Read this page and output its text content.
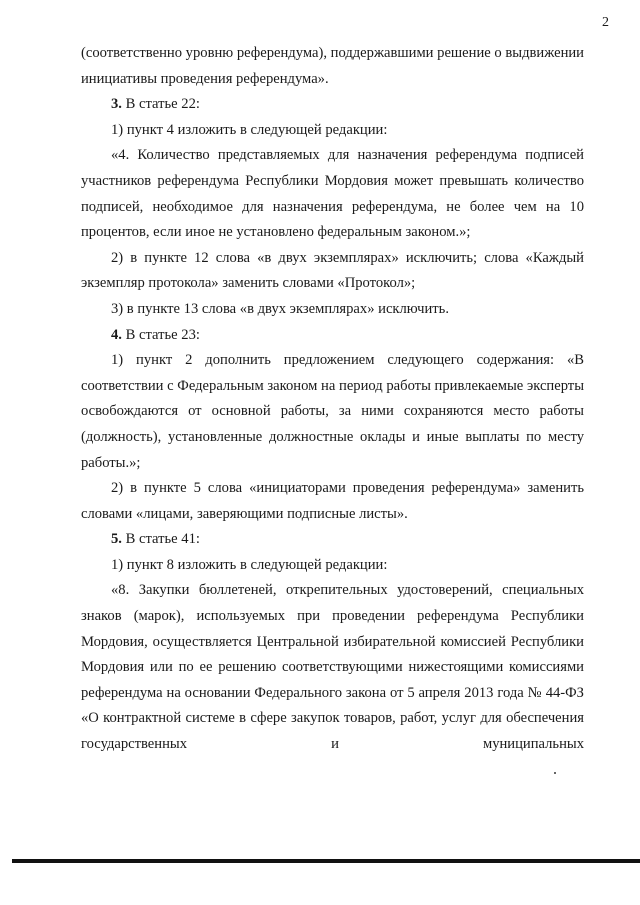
2

(соответственно уровню референдума), поддержавшими решение о выдвижении инициативы проведения референдума».

3. В статье 22:

1) пункт 4 изложить в следующей редакции:

«4. Количество представляемых для назначения референдума подписей участников референдума Республики Мордовия может превышать количество подписей, необходимое для назначения референдума, не более чем на 10 процентов, если иное не установлено федеральным законом.»;

2) в пункте 12 слова «в двух экземплярах» исключить; слова «Каждый экземпляр протокола» заменить словами «Протокол»;

3) в пункте 13 слова «в двух экземплярах» исключить.

4. В статье 23:

1) пункт 2 дополнить предложением следующего содержания: «В соответствии с Федеральным законом на период работы привлекаемые эксперты освобождаются от основной работы, за ними сохраняются место работы (должность), установленные должностные оклады и иные выплаты по месту работы.»;

2) в пункте 5 слова «инициаторами проведения референдума» заменить словами «лицами, заверяющими подписные листы».

5. В статье 41:

1) пункт 8 изложить в следующей редакции:

«8. Закупки бюллетеней, открепительных удостоверений, специальных знаков (марок), используемых при проведении референдума Республики Мордовия, осуществляется Центральной избирательной комиссией Республики Мордовия или по ее решению соответствующими нижестоящими комиссиями референдума на основании Федерального закона от 5 апреля 2013 года № 44-ФЗ «О контрактной системе в сфере закупок товаров, работ, услуг для обеспечения государственных и муниципальных
